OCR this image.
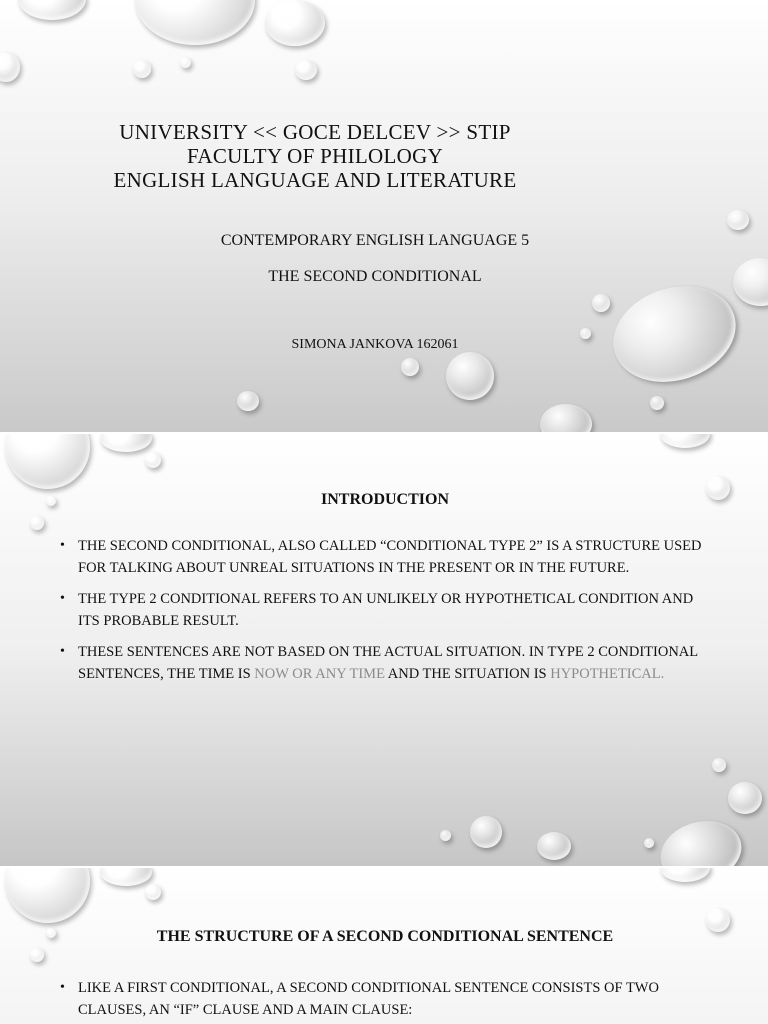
UNIVERSITY << GOCE DELCEV >> STIP
FACULTY OF PHILOLOGY
ENGLISH LANGUAGE AND LITERATURE
CONTEMPORARY ENGLISH LANGUAGE 5
THE SECOND CONDITIONAL
SIMONA JANKOVA 162061
INTRODUCTION
• THE SECOND CONDITIONAL, ALSO CALLED “CONDITIONAL TYPE 2” IS A STRUCTURE USED FOR TALKING ABOUT UNREAL SITUATIONS IN THE PRESENT OR IN THE FUTURE.
• THE TYPE 2 CONDITIONAL REFERS TO AN UNLIKELY OR HYPOTHETICAL CONDITION AND ITS PROBABLE RESULT.
• THESE SENTENCES ARE NOT BASED ON THE ACTUAL SITUATION. IN TYPE 2 CONDITIONAL SENTENCES, THE TIME IS NOW OR ANY TIME AND THE SITUATION IS HYPOTHETICAL.
THE STRUCTURE OF A SECOND CONDITIONAL SENTENCE
• LIKE A FIRST CONDITIONAL, A SECOND CONDITIONAL SENTENCE CONSISTS OF TWO CLAUSES, AN “IF” CLAUSE AND A MAIN CLAUSE:
